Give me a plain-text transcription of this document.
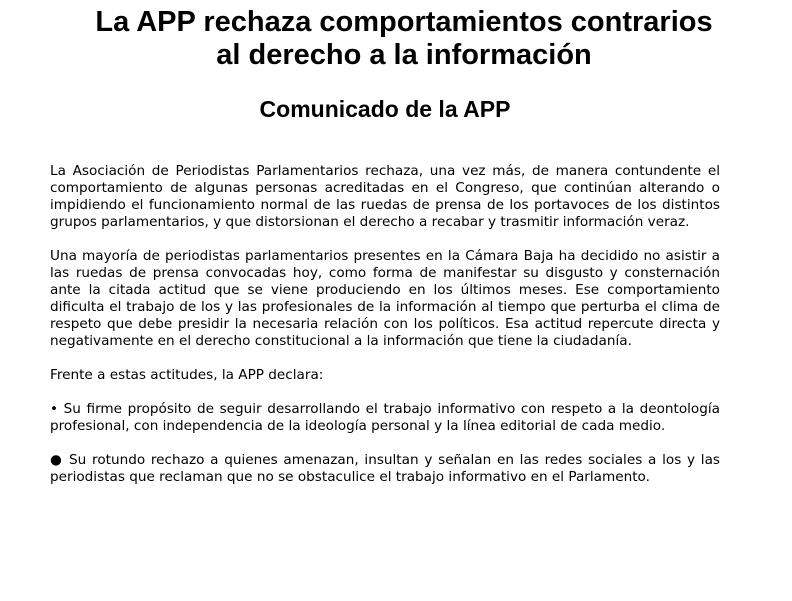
La APP rechaza comportamientos contrarios
al derecho a la información
Comunicado de la APP

La Asociación de Periodistas Parlamentarios rechaza, una vez más, de manera contundente el comportamiento de algunas personas acreditadas en el Congreso, que continúan alterando o impidiendo el funcionamiento normal de las ruedas de prensa de los portavoces de los distintos grupos parlamentarios, y que distorsionan el derecho a recabar y trasmitir información veraz.

Una mayoría de periodistas parlamentarios presentes en la Cámara Baja ha decidido no asistir a las ruedas de prensa convocadas hoy, como forma de manifestar su disgusto y consternación ante la citada actitud que se viene produciendo en los últimos meses. Ese comportamiento dificulta el trabajo de los y las profesionales de la información al tiempo que perturba el clima de respeto que debe presidir la necesaria relación con los políticos. Esa actitud repercute directa y negativamente en el derecho constitucional a la información que tiene la ciudadanía.

Frente a estas actitudes, la APP declara:

• Su firme propósito de seguir desarrollando el trabajo informativo con respeto a la deontología profesional, con independencia de la ideología personal y la línea editorial de cada medio.

● Su rotundo rechazo a quienes amenazan, insultan y señalan en las redes sociales a los y las periodistas que reclaman que no se obstaculice el trabajo informativo en el Parlamento.
